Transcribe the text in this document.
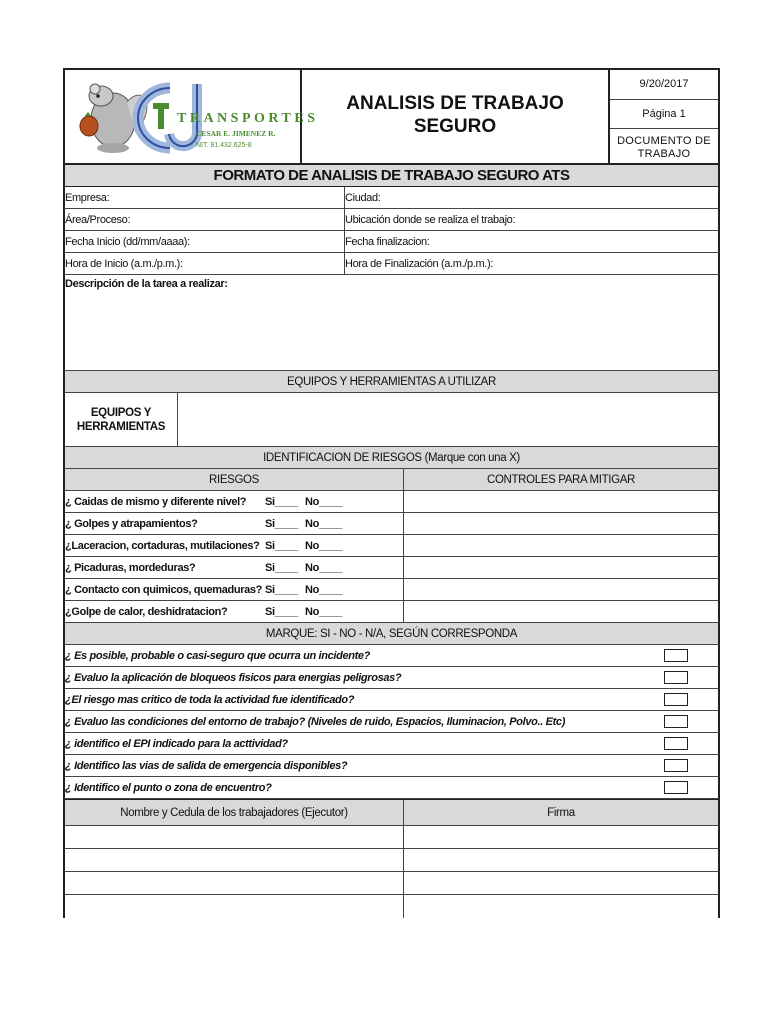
TRANSPORTES
CESAR E. JIMENEZ R.
NIT. 91.432.625-8
ANALISIS DE TRABAJO
SEGURO
9/20/2017
Página 1
DOCUMENTO DE
TRABAJO
FORMATO DE ANALISIS DE TRABAJO SEGURO ATS
Empresa:	Ciudad:
Área/Proceso:	Ubicación donde se realiza el trabajo:
Fecha Inicio (dd/mm/aaaa):	Fecha finalizacion:
Hora de Inicio (a.m./p.m.):	Hora de Finalización (a.m./p.m.):
Descripción de la tarea a realizar:
EQUIPOS Y HERRAMIENTAS A UTILIZAR
EQUIPOS Y
HERRAMIENTAS
IDENTIFICACION DE RIESGOS (Marque con una X)
RIESGOS	CONTROLES PARA MITIGAR
¿ Caidas de mismo y diferente nivel?	Si____ No____
¿ Golpes y atrapamientos?	Si____ No____
¿Laceracion, cortaduras, mutilaciones? Si____ No____
¿ Picaduras, mordeduras?	Si____ No____
¿ Contacto con quimicos, quemaduras? Si____ No____
¿Golpe de calor, deshidratacion?	Si____ No____
MARQUE: SI - NO - N/A, SEGÚN CORRESPONDA
¿ Es posible, probable o casi-seguro que ocurra un incidente?
¿ Evaluo la aplicación de bloqueos fisicos para energias peligrosas?
¿El riesgo mas critico de toda la actividad fue identificado?
¿ Evaluo las condiciones del entorno de trabajo? (Niveles de ruido, Espacios, Iluminacion, Polvo.. Etc)
¿ identifico el EPI indicado para la acttividad?
¿ Identifico las vias de salida de emergencia disponibles?
¿ Identifico el punto o zona de encuentro?
Nombre y Cedula de los trabajadores (Ejecutor)	Firma
